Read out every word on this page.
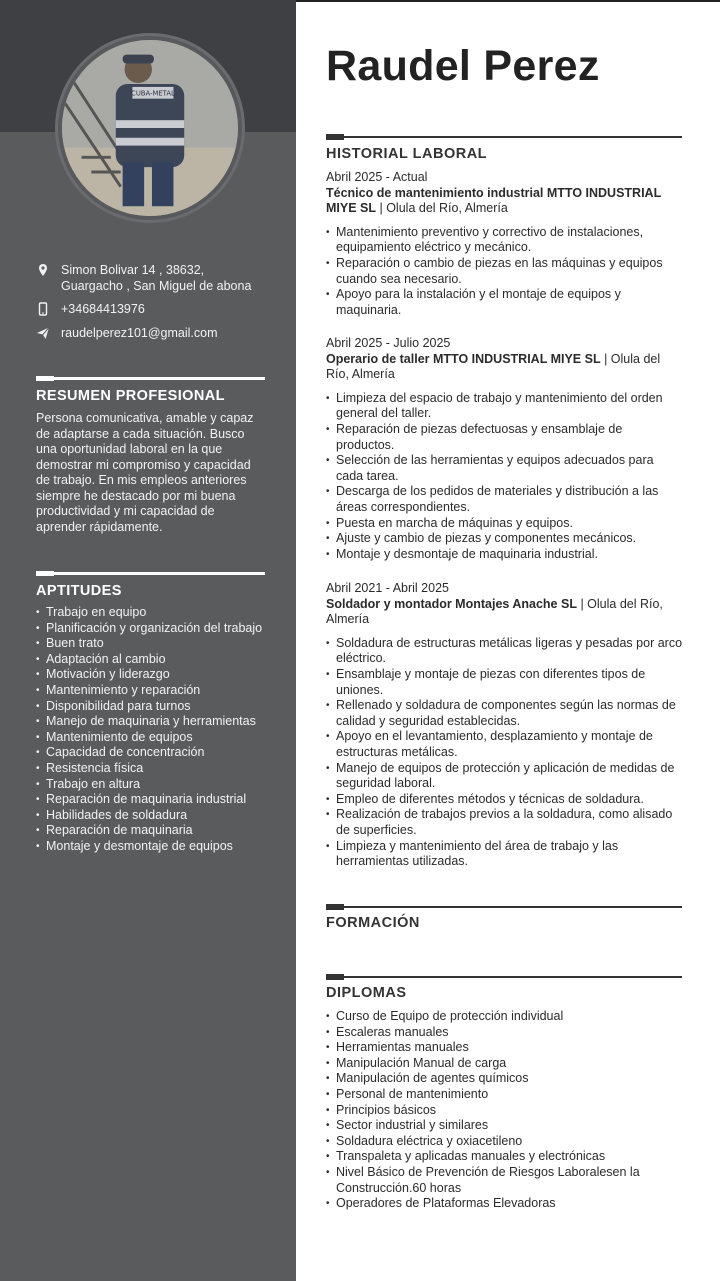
CUBA-METAL
Simon Bolivar 14 , 38632, Guargacho , San Miguel de abona
+34684413976
raudelperez101@gmail.com
RESUMEN PROFESIONAL
Persona comunicativa, amable y capaz de adaptarse a cada situación. Busco una oportunidad laboral en la que demostrar mi compromiso y capacidad de trabajo. En mis empleos anteriores siempre he destacado por mi buena productividad y mi capacidad de aprender rápidamente.
APTITUDES
• Trabajo en equipo
• Planificación y organización del trabajo
• Buen trato
• Adaptación al cambio
• Motivación y liderazgo
• Mantenimiento y reparación
• Disponibilidad para turnos
• Manejo de maquinaria y herramientas
• Mantenimiento de equipos
• Capacidad de concentración
• Resistencia física
• Trabajo en altura
• Reparación de maquinaria industrial
• Habilidades de soldadura
• Reparación de maquinaria
• Montaje y desmontaje de equipos
Raudel Perez
HISTORIAL LABORAL
Abril 2025 - Actual
Técnico de mantenimiento industrial MTTO INDUSTRIAL MIYE SL | Olula del Río, Almería
• Mantenimiento preventivo y correctivo de instalaciones, equipamiento eléctrico y mecánico.
• Reparación o cambio de piezas en las máquinas y equipos cuando sea necesario.
• Apoyo para la instalación y el montaje de equipos y maquinaria.
Abril 2025 - Julio 2025
Operario de taller MTTO INDUSTRIAL MIYE SL | Olula del Río, Almería
• Limpieza del espacio de trabajo y mantenimiento del orden general del taller.
• Reparación de piezas defectuosas y ensamblaje de productos.
• Selección de las herramientas y equipos adecuados para cada tarea.
• Descarga de los pedidos de materiales y distribución a las áreas correspondientes.
• Puesta en marcha de máquinas y equipos.
• Ajuste y cambio de piezas y componentes mecánicos.
• Montaje y desmontaje de maquinaria industrial.
Abril 2021 - Abril 2025
Soldador y montador Montajes Anache SL | Olula del Río, Almería
• Soldadura de estructuras metálicas ligeras y pesadas por arco eléctrico.
• Ensamblaje y montaje de piezas con diferentes tipos de uniones.
• Rellenado y soldadura de componentes según las normas de calidad y seguridad establecidas.
• Apoyo en el levantamiento, desplazamiento y montaje de estructuras metálicas.
• Manejo de equipos de protección y aplicación de medidas de seguridad laboral.
• Empleo de diferentes métodos y técnicas de soldadura.
• Realización de trabajos previos a la soldadura, como alisado de superficies.
• Limpieza y mantenimiento del área de trabajo y las herramientas utilizadas.
FORMACIÓN
DIPLOMAS
• Curso de Equipo de protección individual
• Escaleras manuales
• Herramientas manuales
• Manipulación Manual de carga
• Manipulación de agentes químicos
• Personal de mantenimiento
• Principios básicos
• Sector industrial y similares
• Soldadura eléctrica y oxiacetileno
• Transpaleta y aplicadas manuales y electrónicas
• Nivel Básico de Prevención de Riesgos Laboralesen la Construcción.60 horas
• Operadores de Plataformas Elevadoras
